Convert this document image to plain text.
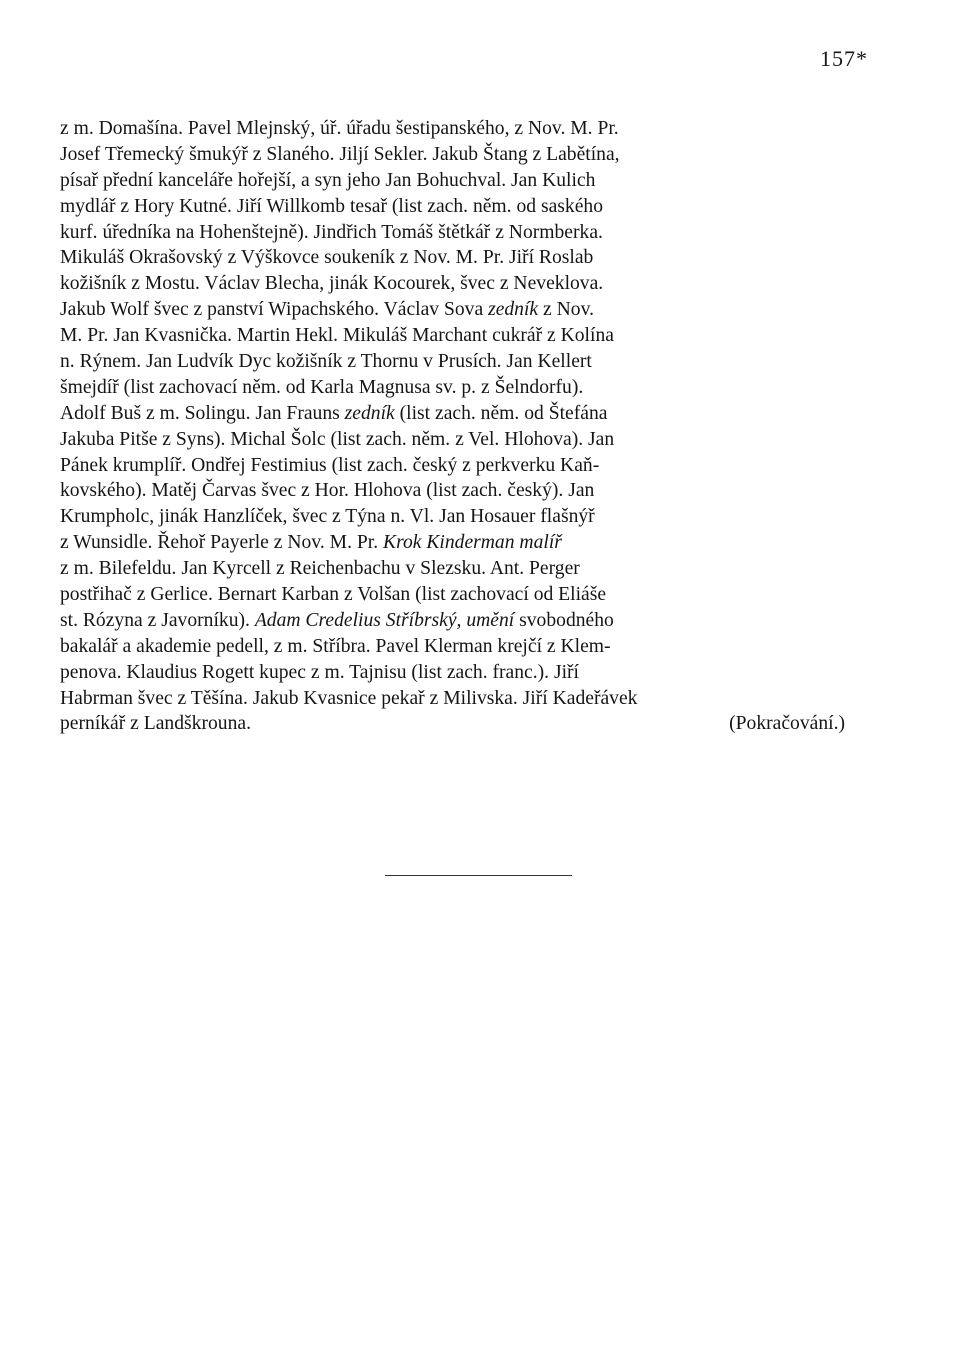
157*
z m. Domašína. Pavel Mlejnský, úř. úřadu šestipanského, z Nov. M. Pr.
Josef Třemecký šmukýř z Slaného. Jiljí Sekler. Jakub Štang z Labětína,
písař přední kanceláře hořejší, a syn jeho Jan Bohuchval. Jan Kulich
mydlář z Hory Kutné. Jiří Willkomb tesař (list zach. něm. od saského
kurf. úředníka na Hohenštejně). Jindřich Tomáš štětkář z Normberka.
Mikuláš Okrašovský z Výškovce soukeník z Nov. M. Pr. Jiří Roslab
kožišník z Mostu. Václav Blecha, jinák Kocourek, švec z Neveklova.
Jakub Wolf švec z panství Wipachského. Václav Sova zedník z Nov.
M. Pr. Jan Kvasnička. Martin Hekl. Mikuláš Marchant cukrář z Kolína
n. Rýnem. Jan Ludvík Dyc kožišník z Thornu v Prusích. Jan Kellert
šmejdíř (list zachovací něm. od Karla Magnusa sv. p. z Šelndorfu).
Adolf Buš z m. Solingu. Jan Frauns zedník (list zach. něm. od Štefána
Jakuba Pitše z Syns). Michal Šolc (list zach. něm. z Vel. Hlohova). Jan
Pánek krumplíř. Ondřej Festimius (list zach. český z perkverku Kaň-
kovského). Matěj Čarvas švec z Hor. Hlohova (list zach. český). Jan
Krumpholc, jinák Hanzlíček, švec z Týna n. Vl. Jan Hosauer flašnýř
z Wunsidle. Řehoř Payerle z Nov. M. Pr. Krok Kinderman malíř
z m. Bilefeldu. Jan Kyrcell z Reichenbachu v Slezsku. Ant. Perger
postřihač z Gerlice. Bernart Karban z Volšan (list zachovací od Eliáše
st. Rózyna z Javorníku). Adam Credelius Stříbrský, umění svobodného
bakalář a akademie pedell, z m. Stříbra. Pavel Klerman krejčí z Klem-
penova. Klaudius Rogett kupec z m. Tajnisu (list zach. franc.). Jiří
Habrman švec z Těšína. Jakub Kvasnice pekař z Milivska. Jiří Kadeřávek
perníkář z Landškrouna.	(Pokračování.)
